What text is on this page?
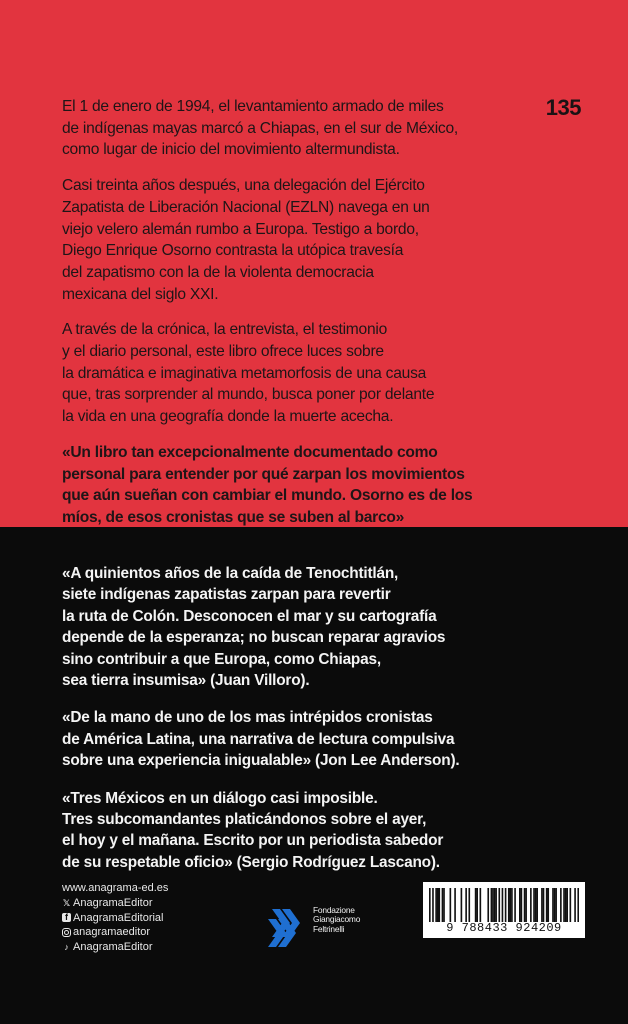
135

El 1 de enero de 1994, el levantamiento armado de miles
de indígenas mayas marcó a Chiapas, en el sur de México,
como lugar de inicio del movimiento altermundista.

Casi treinta años después, una delegación del Ejército
Zapatista de Liberación Nacional (EZLN) navega en un
viejo velero alemán rumbo a Europa. Testigo a bordo,
Diego Enrique Osorno contrasta la utópica travesía
del zapatismo con la de la violenta democracia
mexicana del siglo XXI.

A través de la crónica, la entrevista, el testimonio
y el diario personal, este libro ofrece luces sobre
la dramática e imaginativa metamorfosis de una causa
que, tras sorprender al mundo, busca poner por delante
la vida en una geografía donde la muerte acecha.

«Un libro tan excepcionalmente documentado como
personal para entender por qué zarpan los movimientos
que aún sueñan con cambiar el mundo. Osorno es de los
míos, de esos cronistas que se suben al barco»

«A quinientos años de la caída de Tenochtitlán,
siete indígenas zapatistas zarpan para revertir
la ruta de Colón. Desconocen el mar y su cartografía
depende de la esperanza; no buscan reparar agravios
sino contribuir a que Europa, como Chiapas,
sea tierra insumisa» (Juan Villoro).

«De la mano de uno de los mas intrépidos cronistas
de América Latina, una narrativa de lectura compulsiva
sobre una experiencia inigualable» (Jon Lee Anderson).

«Tres Méxicos en un diálogo casi imposible.
Tres subcomandantes platicándonos sobre el ayer,
el hoy y el mañana. Escrito por un periodista sabedor
de su respetable oficio» (Sergio Rodríguez Lascano).

www.anagrama-ed.es
𝕏 AnagramaEditor
f AnagramaEditorial
anagramaeditor
♪ AnagramaEditor
Fondazione
Giangiacomo
Feltrinelli	9 788433 924209
